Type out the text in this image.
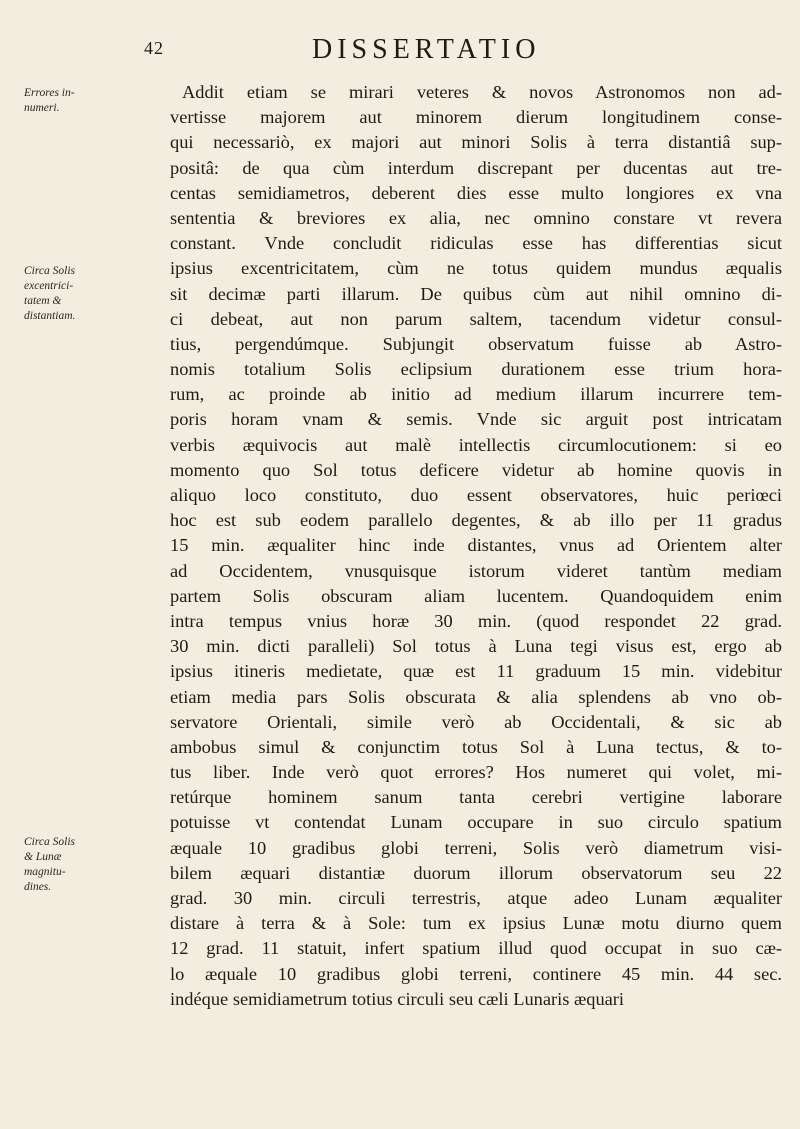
42	DISSERTATIO
Errores in-
numeri.
Circa Solis
excentrici-
tatem &
distantiam.
Circa Solis
& Lunæ
magnitu-
dines.
Addit etiam se mirari veteres & novos Astronomos non ad-
vertisse majorem aut minorem dierum longitudinem conse-
qui necessariò, ex majori aut minori Solis à terra distantiâ sup-
positâ: de qua cùm interdum discrepant per ducentas aut tre-
centas semidiametros, deberent dies esse multo longiores ex vna
sententia & breviores ex alia, nec omnino constare vt revera
constant. Vnde concludit ridiculas esse has differentias sicut
ipsius excentricitatem, cùm ne totus quidem mundus æqualis
sit decimæ parti illarum. De quibus cùm aut nihil omnino di-
ci debeat, aut non parum saltem, tacendum videtur consul-
tius, pergendúmque. Subjungit observatum fuisse ab Astro-
nomis totalium Solis eclipsium durationem esse trium hora-
rum, ac proinde ab initio ad medium illarum incurrere tem-
poris horam vnam & semis. Vnde sic arguit post intricatam
verbis æquivocis aut malè intellectis circumlocutionem: si eo
momento quo Sol totus deficere videtur ab homine quovis in
aliquo loco constituto, duo essent observatores, huic periœci
hoc est sub eodem parallelo degentes, & ab illo per 11 gradus
15 min. æqualiter hinc inde distantes, vnus ad Orientem alter
ad Occidentem, vnusquisque istorum videret tantùm mediam
partem Solis obscuram aliam lucentem. Quandoquidem enim
intra tempus vnius horæ 30 min. (quod respondet 22 grad.
30 min. dicti paralleli) Sol totus à Luna tegi visus est, ergo ab
ipsius itineris medietate, quæ est 11 graduum 15 min. videbitur
etiam media pars Solis obscurata & alia splendens ab vno ob-
servatore Orientali, simile verò ab Occidentali, & sic ab
ambobus simul & conjunctim totus Sol à Luna tectus, & to-
tus liber. Inde verò quot errores? Hos numeret qui volet, mi-
retúrque hominem sanum tanta cerebri vertigine laborare
potuisse vt contendat Lunam occupare in suo circulo spatium
æquale 10 gradibus globi terreni, Solis verò diametrum visi-
bilem æquari distantiæ duorum illorum observatorum seu 22
grad. 30 min. circuli terrestris, atque adeo Lunam æqualiter
distare à terra & à Sole: tum ex ipsius Lunæ motu diurno quem
12 grad. 11 statuit, infert spatium illud quod occupat in suo cæ-
lo æquale 10 gradibus globi terreni, continere 45 min. 44 sec.
indéque semidiametrum totius circuli seu cæli Lunaris æquari
